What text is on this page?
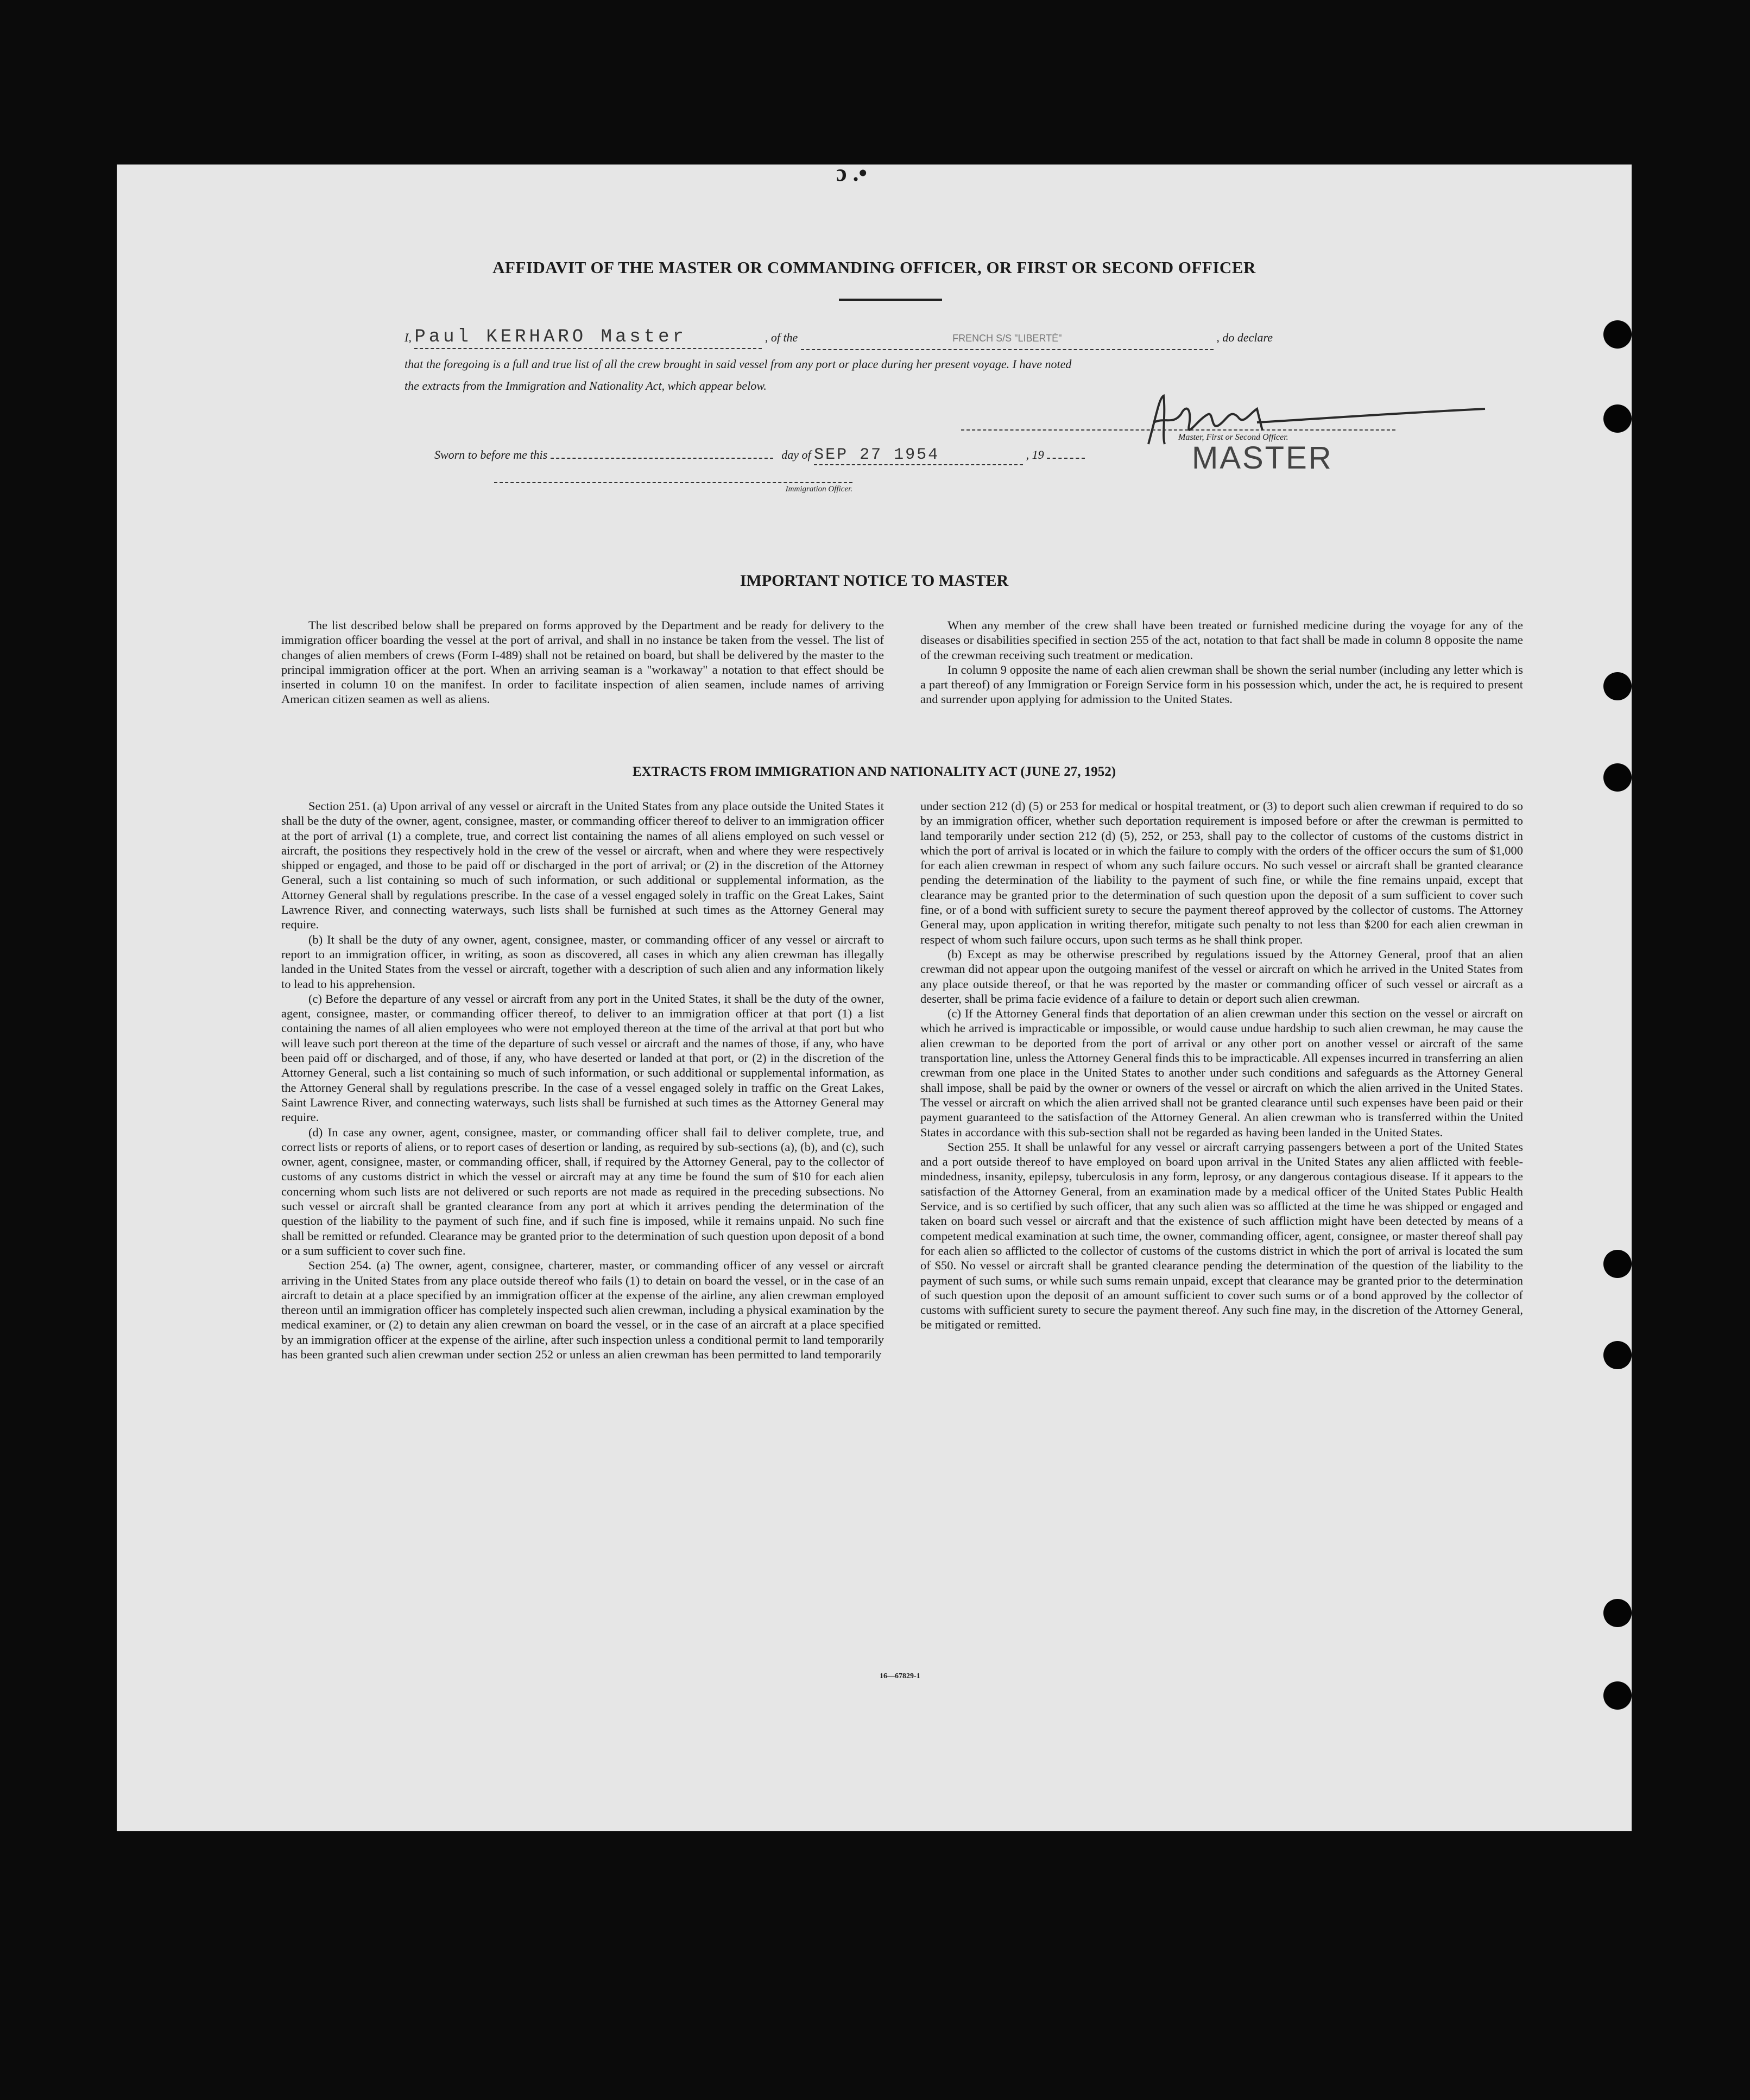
ɔ .•
AFFIDAVIT OF THE MASTER OR COMMANDING OFFICER, OR FIRST OR SECOND OFFICER
I, Paul KERHARO Master	, of the	FRENCH S/S "LIBERTÉ"	, do declare
that the foregoing is a full and true list of all the crew brought in said vessel from any port or place during her present voyage. I have noted
the extracts from the Immigration and Nationality Act, which appear below.
Master, First or Second Officer.
MASTER
Sworn to before me this	day of SEP 27 1954	, 19
Immigration Officer.
IMPORTANT NOTICE TO MASTER

The list described below shall be prepared on forms approved by the Department and be ready for delivery to the immigration officer boarding the vessel at the port of arrival, and shall in no instance be taken from the vessel. The list of changes of alien members of crews (Form I-489) shall not be retained on board, but shall be delivered by the master to the principal immigration officer at the port. When an arriving seaman is a "workaway" a notation to that effect should be inserted in column 10 on the manifest. In order to facilitate inspection of alien seamen, include names of arriving American citizen seamen as well as aliens.

When any member of the crew shall have been treated or furnished medicine during the voyage for any of the diseases or disabilities specified in section 255 of the act, notation to that fact shall be made in column 8 opposite the name of the crewman receiving such treatment or medication.

In column 9 opposite the name of each alien crewman shall be shown the serial number (including any letter which is a part thereof) of any Immigration or Foreign Service form in his possession which, under the act, he is required to present and surrender upon applying for admission to the United States.

EXTRACTS FROM IMMIGRATION AND NATIONALITY ACT (JUNE 27, 1952)

Section 251. (a) Upon arrival of any vessel or aircraft in the United States from any place outside the United States it shall be the duty of the owner, agent, consignee, master, or commanding officer thereof to deliver to an immigration officer at the port of arrival (1) a complete, true, and correct list containing the names of all aliens employed on such vessel or aircraft, the positions they respectively hold in the crew of the vessel or aircraft, when and where they were respectively shipped or engaged, and those to be paid off or discharged in the port of arrival; or (2) in the discretion of the Attorney General, such a list containing so much of such information, or such additional or supplemental information, as the Attorney General shall by regulations prescribe. In the case of a vessel engaged solely in traffic on the Great Lakes, Saint Lawrence River, and connecting waterways, such lists shall be furnished at such times as the Attorney General may require.

(b) It shall be the duty of any owner, agent, consignee, master, or commanding officer of any vessel or aircraft to report to an immigration officer, in writing, as soon as discovered, all cases in which any alien crewman has illegally landed in the United States from the vessel or aircraft, together with a description of such alien and any information likely to lead to his apprehension.

(c) Before the departure of any vessel or aircraft from any port in the United States, it shall be the duty of the owner, agent, consignee, master, or commanding officer thereof, to deliver to an immigration officer at that port (1) a list containing the names of all alien employees who were not employed thereon at the time of the arrival at that port but who will leave such port thereon at the time of the departure of such vessel or aircraft and the names of those, if any, who have been paid off or discharged, and of those, if any, who have deserted or landed at that port, or (2) in the discretion of the Attorney General, such a list containing so much of such information, or such additional or supplemental information, as the Attorney General shall by regulations prescribe. In the case of a vessel engaged solely in traffic on the Great Lakes, Saint Lawrence River, and connecting waterways, such lists shall be furnished at such times as the Attorney General may require.

(d) In case any owner, agent, consignee, master, or commanding officer shall fail to deliver complete, true, and correct lists or reports of aliens, or to report cases of desertion or landing, as required by sub-sections (a), (b), and (c), such owner, agent, consignee, master, or commanding officer, shall, if required by the Attorney General, pay to the collector of customs of any customs district in which the vessel or aircraft may at any time be found the sum of $10 for each alien concerning whom such lists are not delivered or such reports are not made as required in the preceding subsections. No such vessel or aircraft shall be granted clearance from any port at which it arrives pending the determination of the question of the liability to the payment of such fine, and if such fine is imposed, while it remains unpaid. No such fine shall be remitted or refunded. Clearance may be granted prior to the determination of such question upon deposit of a bond or a sum sufficient to cover such fine.

Section 254. (a) The owner, agent, consignee, charterer, master, or commanding officer of any vessel or aircraft arriving in the United States from any place outside thereof who fails (1) to detain on board the vessel, or in the case of an aircraft to detain at a place specified by an immigration officer at the expense of the airline, any alien crewman employed thereon until an immigration officer has completely inspected such alien crewman, including a physical examination by the medical examiner, or (2) to detain any alien crewman on board the vessel, or in the case of an aircraft at a place specified by an immigration officer at the expense of the airline, after such inspection unless a conditional permit to land temporarily has been granted such alien crewman under section 252 or unless an alien crewman has been permitted to land temporarily

under section 212 (d) (5) or 253 for medical or hospital treatment, or (3) to deport such alien crewman if required to do so by an immigration officer, whether such deportation requirement is imposed before or after the crewman is permitted to land temporarily under section 212 (d) (5), 252, or 253, shall pay to the collector of customs of the customs district in which the port of arrival is located or in which the failure to comply with the orders of the officer occurs the sum of $1,000 for each alien crewman in respect of whom any such failure occurs. No such vessel or aircraft shall be granted clearance pending the determination of the liability to the payment of such fine, or while the fine remains unpaid, except that clearance may be granted prior to the determination of such question upon the deposit of a sum sufficient to cover such fine, or of a bond with sufficient surety to secure the payment thereof approved by the collector of customs. The Attorney General may, upon application in writing therefor, mitigate such penalty to not less than $200 for each alien crewman in respect of whom such failure occurs, upon such terms as he shall think proper.

(b) Except as may be otherwise prescribed by regulations issued by the Attorney General, proof that an alien crewman did not appear upon the outgoing manifest of the vessel or aircraft on which he arrived in the United States from any place outside thereof, or that he was reported by the master or commanding officer of such vessel or aircraft as a deserter, shall be prima facie evidence of a failure to detain or deport such alien crewman.

(c) If the Attorney General finds that deportation of an alien crewman under this section on the vessel or aircraft on which he arrived is impracticable or impossible, or would cause undue hardship to such alien crewman, he may cause the alien crewman to be deported from the port of arrival or any other port on another vessel or aircraft of the same transportation line, unless the Attorney General finds this to be impracticable. All expenses incurred in transferring an alien crewman from one place in the United States to another under such conditions and safeguards as the Attorney General shall impose, shall be paid by the owner or owners of the vessel or aircraft on which the alien arrived in the United States. The vessel or aircraft on which the alien arrived shall not be granted clearance until such expenses have been paid or their payment guaranteed to the satisfaction of the Attorney General. An alien crewman who is transferred within the United States in accordance with this sub-section shall not be regarded as having been landed in the United States.

Section 255. It shall be unlawful for any vessel or aircraft carrying passengers between a port of the United States and a port outside thereof to have employed on board upon arrival in the United States any alien afflicted with feeble-mindedness, insanity, epilepsy, tuberculosis in any form, leprosy, or any dangerous contagious disease. If it appears to the satisfaction of the Attorney General, from an examination made by a medical officer of the United States Public Health Service, and is so certified by such officer, that any such alien was so afflicted at the time he was shipped or engaged and taken on board such vessel or aircraft and that the existence of such affliction might have been detected by means of a competent medical examination at such time, the owner, commanding officer, agent, consignee, or master thereof shall pay for each alien so afflicted to the collector of customs of the customs district in which the port of arrival is located the sum of $50. No vessel or aircraft shall be granted clearance pending the determination of the question of the liability to the payment of such sums, or while such sums remain unpaid, except that clearance may be granted prior to the determination of such question upon the deposit of an amount sufficient to cover such sums or of a bond approved by the collector of customs with sufficient surety to secure the payment thereof. Any such fine may, in the discretion of the Attorney General, be mitigated or remitted.

16—67829-1
